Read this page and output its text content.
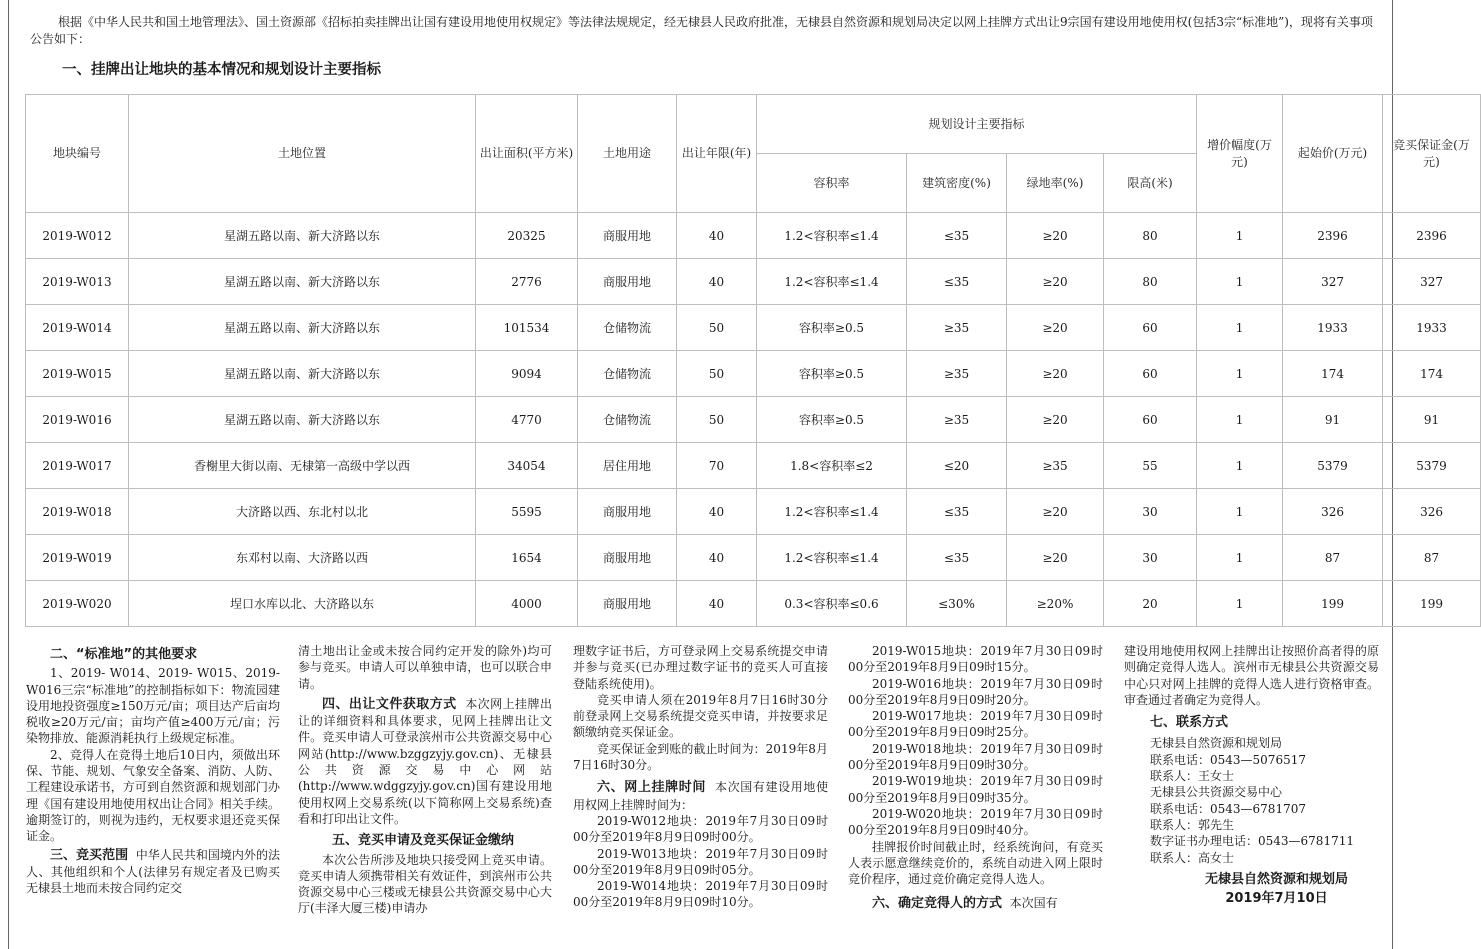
根据《中华人民共和国土地管理法》、国土资源部《招标拍卖挂牌出让国有建设用地使用权规定》等法律法规规定，经无棣县人民政府批准，无棣县自然资源和规划局决定以网上挂牌方式出让9宗国有建设用地使用权(包括3宗“标准地”)，现将有关事项公告如下：
一、挂牌出让地块的基本情况和规划设计主要指标
地块编号	土地位置	出让面积(平方米)	土地用途	出让年限(年)	规划设计主要指标				增价幅度(万元)	起始价(万元)	竞买保证金(万元)
					容积率	建筑密度(%)	绿地率(%)	限高(米)			
2019-W012	星湖五路以南、新大济路以东	20325	商服用地	40	1.2<容积率≤1.4	≤35	≥20	80	1	2396	2396
2019-W013	星湖五路以南、新大济路以东	2776	商服用地	40	1.2<容积率≤1.4	≤35	≥20	80	1	327	327
2019-W014	星湖五路以南、新大济路以东	101534	仓储物流	50	容积率≥0.5	≥35	≥20	60	1	1933	1933
2019-W015	星湖五路以南、新大济路以东	9094	仓储物流	50	容积率≥0.5	≥35	≥20	60	1	174	174
2019-W016	星湖五路以南、新大济路以东	4770	仓储物流	50	容积率≥0.5	≥35	≥20	60	1	91	91
2019-W017	香榭里大街以南、无棣第一高级中学以西	34054	居住用地	70	1.8<容积率≤2	≤20	≥35	55	1	5379	5379
2019-W018	大济路以西、东北村以北	5595	商服用地	40	1.2<容积率≤1.4	≤35	≥20	30	1	326	326
2019-W019	东邓村以南、大济路以西	1654	商服用地	40	1.2<容积率≤1.4	≤35	≥20	30	1	87	87
2019-W020	埕口水库以北、大济路以东	4000	商服用地	40	0.3<容积率≤0.6	≤30%	≥20%	20	1	199	199

二、“标准地”的其他要求

1、2019- W014、2019- W015、2019- W016三宗“标准地”的控制指标如下：物流园建设用地投资强度≥150万元/亩；项目达产后亩均税收≥20万元/亩；亩均产值≥400万元/亩；污染物排放、能源消耗执行上级规定标准。

2、竞得人在竞得土地后10日内，须做出环保、节能、规划、气象安全备案、消防、人防、工程建设承诺书，方可到自然资源和规划部门办理《国有建设用地使用权出让合同》相关手续。逾期签订的，则视为违约，无权要求退还竞买保证金。

三、竞买范围 中华人民共和国境内外的法人、其他组织和个人(法律另有规定者及已购买无棣县土地而未按合同约定交

清土地出让金或未按合同约定开发的除外)均可参与竞买。申请人可以单独申请，也可以联合申请。

四、出让文件获取方式 本次网上挂牌出让的详细资料和具体要求，见网上挂牌出让文件。竞买申请人可登录滨州市公共资源交易中心网站(http://www.bzggzyjy.gov.cn)、无棣县公共资源交易中心网站(http://www.wdggzyjy.gov.cn)国有建设用地使用权网上交易系统(以下简称网上交易系统)查看和打印出让文件。

五、竞买申请及竞买保证金缴纳

本次公告所涉及地块只接受网上竞买申请。竞买申请人须携带相关有效证件，到滨州市公共资源交易中心三楼或无棣县公共资源交易中心大厅(丰泽大厦三楼)申请办

理数字证书后，方可登录网上交易系统提交申请并参与竞买(已办理过数字证书的竞买人可直接登陆系统使用)。

竞买申请人须在2019年8月7日16时30分前登录网上交易系统提交竞买申请，并按要求足额缴纳竞买保证金。

竞买保证金到账的截止时间为：2019年8月7日16时30分。

六、网上挂牌时间 本次国有建设用地使用权网上挂牌时间为：

2019-W012地块：2019年7月30日09时00分至2019年8月9日09时00分。

2019-W013地块：2019年7月30日09时00分至2019年8月9日09时05分。

2019-W014地块：2019年7月30日09时00分至2019年8月9日09时10分。

2019-W015地块：2019年7月30日09时00分至2019年8月9日09时15分。

2019-W016地块：2019年7月30日09时00分至2019年8月9日09时20分。

2019-W017地块：2019年7月30日09时00分至2019年8月9日09时25分。

2019-W018地块：2019年7月30日09时00分至2019年8月9日09时30分。

2019-W019地块：2019年7月30日09时00分至2019年8月9日09时35分。

2019-W020地块：2019年7月30日09时00分至2019年8月9日09时40分。

挂牌报价时间截止时，经系统询问，有竞买人表示愿意继续竞价的，系统自动进入网上限时竞价程序，通过竞价确定竞得人选人。

六、确定竞得人的方式 本次国有

建设用地使用权网上挂牌出让按照价高者得的原则确定竞得人选人。滨州市无棣县公共资源交易中心只对网上挂牌的竞得人选人进行资格审查。审查通过者确定为竞得人。

七、联系方式

无棣县自然资源和规划局

联系电话：0543—5076517

联系人：王女士

无棣县公共资源交易中心

联系电话：0543—6781707

联系人：郭先生

数字证书办理电话：0543—6781711

联系人：高女士

无棣县自然资源和规划局

2019年7月10日
